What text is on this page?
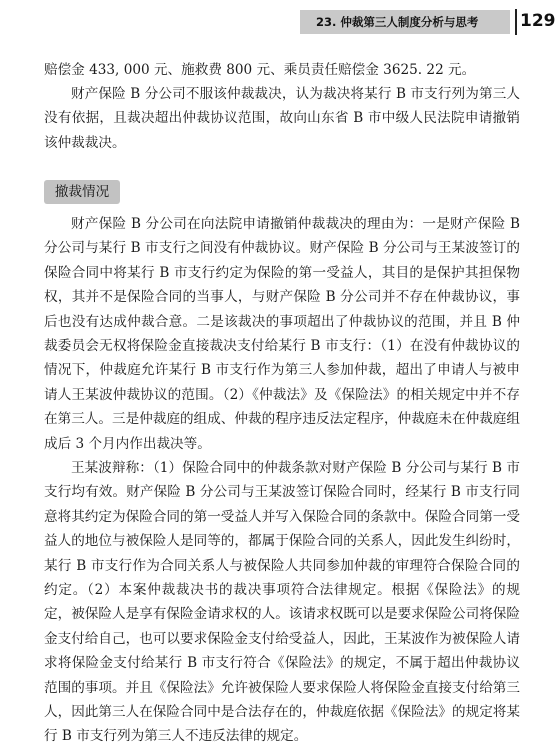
23. 仲裁第三人制度分析与思考 129

赔偿金 433, 000 元、施救费 800 元、乘员责任赔偿金 3625. 22 元。

财产保险 B 分公司不服该仲裁裁决，认为裁决将某行 B 市支行列为第三人没有依据，且裁决超出仲裁协议范围，故向山东省 B 市中级人民法院申请撤销该仲裁裁决。

撤裁情况

财产保险 B 分公司在向法院申请撤销仲裁裁决的理由为：一是财产保险 B 分公司与某行 B 市支行之间没有仲裁协议。财产保险 B 分公司与王某波签订的保险合同中将某行 B 市支行约定为保险的第一受益人，其目的是保护其担保物权，其并不是保险合同的当事人，与财产保险 B 分公司并不存在仲裁协议，事后也没有达成仲裁合意。二是该裁决的事项超出了仲裁协议的范围，并且 B 仲裁委员会无权将保险金直接裁决支付给某行 B 市支行：（1）在没有仲裁协议的情况下，仲裁庭允许某行 B 市支行作为第三人参加仲裁，超出了申请人与被申请人王某波仲裁协议的范围。（2）《仲裁法》及《保险法》的相关规定中并不存在第三人。三是仲裁庭的组成、仲裁的程序违反法定程序，仲裁庭未在仲裁庭组成后 3 个月内作出裁决等。

王某波辩称：（1）保险合同中的仲裁条款对财产保险 B 分公司与某行 B 市支行均有效。财产保险 B 分公司与王某波签订保险合同时，经某行 B 市支行同意将其约定为保险合同的第一受益人并写入保险合同的条款中。保险合同第一受益人的地位与被保险人是同等的，都属于保险合同的关系人，因此发生纠纷时，某行 B 市支行作为合同关系人与被保险人共同参加仲裁的审理符合保险合同的约定。（2）本案仲裁裁决书的裁决事项符合法律规定。根据《保险法》的规定，被保险人是享有保险金请求权的人。该请求权既可以是要求保险公司将保险金支付给自己，也可以要求保险金支付给受益人，因此，王某波作为被保险人请求将保险金支付给某行 B 市支行符合《保险法》的规定，不属于超出仲裁协议范围的事项。并且《保险法》允许被保险人要求保险人将保险金直接支付给第三人，因此第三人在保险合同中是合法存在的，仲裁庭依据《保险法》的规定将某行 B 市支行列为第三人不违反法律的规定。
